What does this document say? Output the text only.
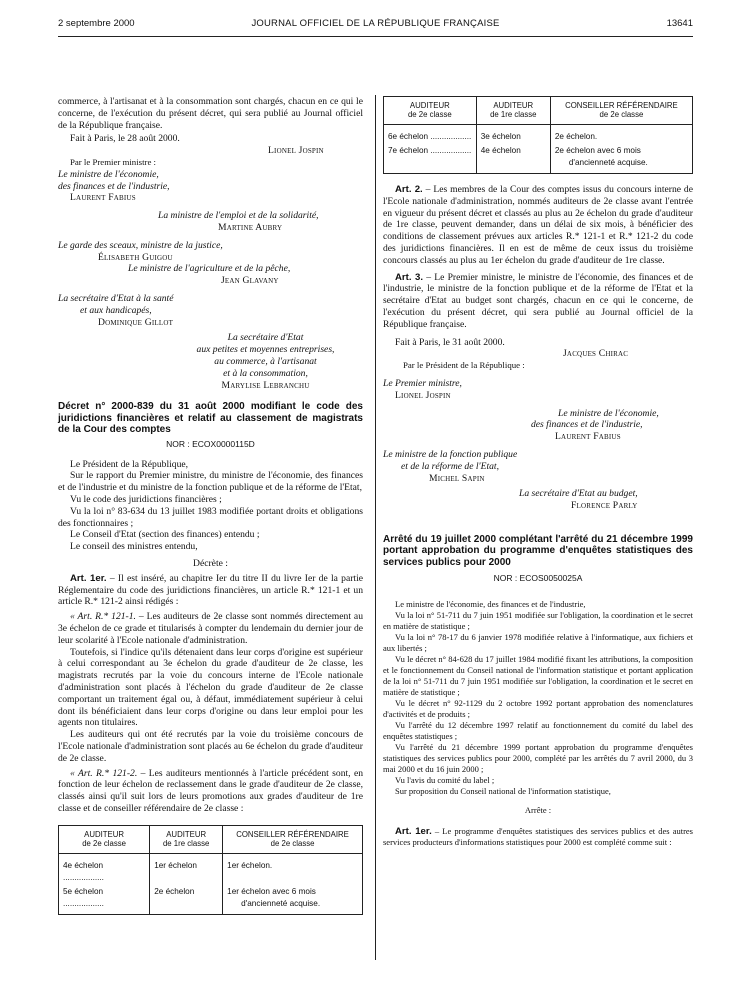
2 septembre 2000	JOURNAL OFFICIEL DE LA RÉPUBLIQUE FRANÇAISE	13641

commerce, à l'artisanat et à la consommation sont chargés, chacun en ce qui le concerne, de l'exécution du présent décret, qui sera publié au Journal officiel de la République française.

Fait à Paris, le 28 août 2000.

Lionel Jospin

Par le Premier ministre :

Le ministre de l'économie,

des finances et de l'industrie,

Laurent Fabius

La ministre de l'emploi et de la solidarité,

Martine Aubry

Le garde des sceaux, ministre de la justice,

Élisabeth Guigou

Le ministre de l'agriculture et de la pêche,

Jean Glavany

La secrétaire d'Etat à la santé

et aux handicapés,

Dominique Gillot

La secrétaire d'Etat

aux petites et moyennes entreprises,

au commerce, à l'artisanat

et à la consommation,

Marylise Lebranchu

Décret n° 2000-839 du 31 août 2000 modifiant le code des juridictions financières et relatif au classement de magistrats de la Cour des comptes

NOR : ECOX0000115D

Le Président de la République,

Sur le rapport du Premier ministre, du ministre de l'économie, des finances et de l'industrie et du ministre de la fonction publique et de la réforme de l'Etat,

Vu le code des juridictions financières ;

Vu la loi n° 83-634 du 13 juillet 1983 modifiée portant droits et obligations des fonctionnaires ;

Le Conseil d'Etat (section des finances) entendu ;

Le conseil des ministres entendu,

Décrète :

Art. 1er. – Il est inséré, au chapitre Ier du titre II du livre Ier de la partie Réglementaire du code des juridictions financières, un article R.* 121-1 et un article R.* 121-2 ainsi rédigés :

« Art. R.* 121-1. – Les auditeurs de 2e classe sont nommés directement au 3e échelon de ce grade et titularisés à compter du lendemain du dernier jour de leur scolarité à l'Ecole nationale d'administration.

Toutefois, si l'indice qu'ils détenaient dans leur corps d'origine est supérieur à celui correspondant au 3e échelon du grade d'auditeur de 2e classe, les magistrats recrutés par la voie du concours interne de l'Ecole nationale d'administration sont placés à l'échelon du grade d'auditeur de 2e classe comportant un traitement égal ou, à défaut, immédiatement supérieur à celui dont ils bénéficiaient dans leur corps d'origine ou dans leur emploi pour les agents non titulaires.

Les auditeurs qui ont été recrutés par la voie du troisième concours de l'Ecole nationale d'administration sont placés au 6e échelon du grade d'auditeur de 2e classe.

« Art. R.* 121-2. – Les auditeurs mentionnés à l'article précédent sont, en fonction de leur échelon de reclassement dans le grade d'auditeur de 2e classe, classés ainsi qu'il suit lors de leurs promotions aux grades d'auditeur de 1re classe et de conseiller référendaire de 2e classe :

AUDITEUR
de 2e classe	AUDITEUR
de 1re classe	CONSEILLER RÉFÉRENDAIRE
de 2e classe
4e échelon ..................	1er échelon	1er échelon.
5e échelon ..................	2e échelon	1er échelon avec 6 mois
d'ancienneté acquise.
AUDITEUR
de 2e classe	AUDITEUR
de 1re classe	CONSEILLER RÉFÉRENDAIRE
de 2e classe
6e échelon ..................	3e échelon	2e échelon.
7e échelon ..................	4e échelon	2e échelon avec 6 mois
d'ancienneté acquise.

Art. 2. – Les membres de la Cour des comptes issus du concours interne de l'Ecole nationale d'administration, nommés auditeurs de 2e classe avant l'entrée en vigueur du présent décret et classés au plus au 2e échelon du grade d'auditeur de 1re classe, peuvent demander, dans un délai de six mois, à bénéficier des conditions de classement prévues aux articles R.* 121-1 et R.* 121-2 du code des juridictions financières. Il en est de même de ceux issus du troisième concours classés au plus au 1er échelon du grade d'auditeur de 1re classe.

Art. 3. – Le Premier ministre, le ministre de l'économie, des finances et de l'industrie, le ministre de la fonction publique et de la réforme de l'Etat et la secrétaire d'Etat au budget sont chargés, chacun en ce qui le concerne, de l'exécution du présent décret, qui sera publié au Journal officiel de la République française.

Fait à Paris, le 31 août 2000.

Jacques Chirac

Par le Président de la République :

Le Premier ministre,

Lionel Jospin

Le ministre de l'économie,

des finances et de l'industrie,

Laurent Fabius

Le ministre de la fonction publique

et de la réforme de l'Etat,

Michel Sapin

La secrétaire d'Etat au budget,

Florence Parly

Arrêté du 19 juillet 2000 complétant l'arrêté du 21 décembre 1999 portant approbation du programme d'enquêtes statistiques des services publics pour 2000

NOR : ECOS0050025A

Le ministre de l'économie, des finances et de l'industrie,

Vu la loi n° 51-711 du 7 juin 1951 modifiée sur l'obligation, la coordination et le secret en matière de statistique ;

Vu la loi n° 78-17 du 6 janvier 1978 modifiée relative à l'informatique, aux fichiers et aux libertés ;

Vu le décret n° 84-628 du 17 juillet 1984 modifié fixant les attributions, la composition et le fonctionnement du Conseil national de l'information statistique et portant application de la loi n° 51-711 du 7 juin 1951 modifiée sur l'obligation, la coordination et le secret en matière de statistique ;

Vu le décret n° 92-1129 du 2 octobre 1992 portant approbation des nomenclatures d'activités et de produits ;

Vu l'arrêté du 12 décembre 1997 relatif au fonctionnement du comité du label des enquêtes statistiques ;

Vu l'arrêté du 21 décembre 1999 portant approbation du programme d'enquêtes statistiques des services publics pour 2000, complété par les arrêtés du 7 avril 2000, du 3 mai 2000 et du 16 juin 2000 ;

Vu l'avis du comité du label ;

Sur proposition du Conseil national de l'information statistique,

Arrête :

Art. 1er. – Le programme d'enquêtes statistiques des services publics et des autres services producteurs d'informations statistiques pour 2000 est complété comme suit :
